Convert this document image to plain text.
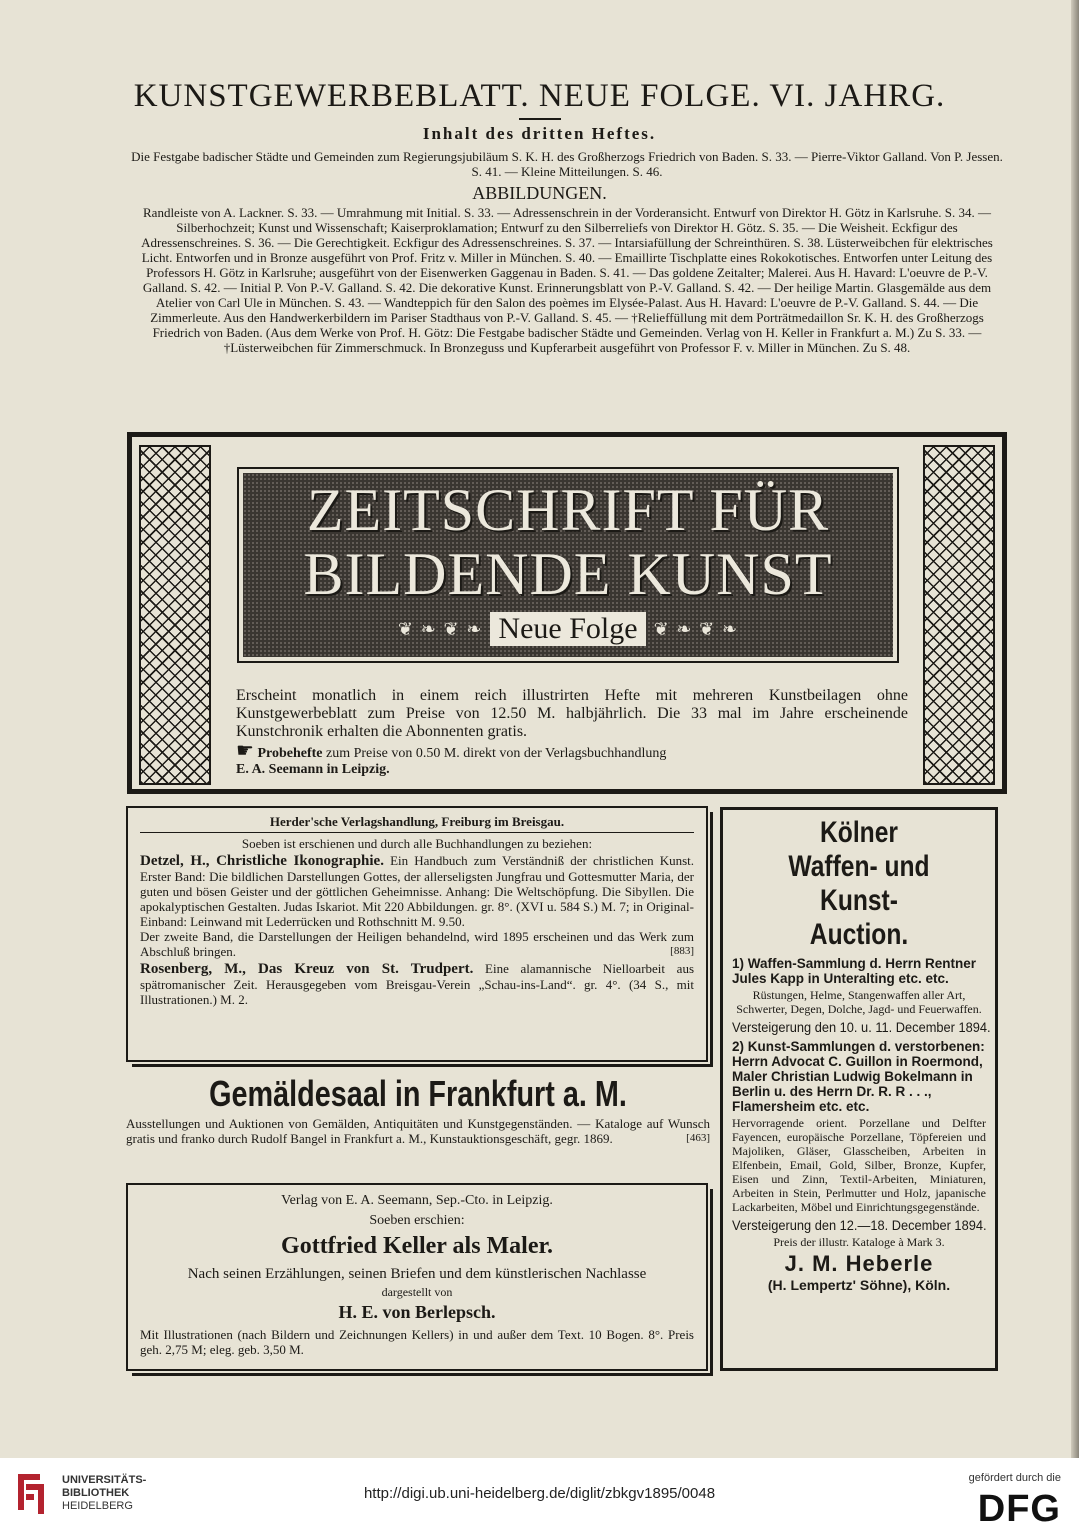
KUNSTGEWERBEBLATT. NEUE FOLGE. VI. JAHRG.
Inhalt des dritten Heftes.
Die Festgabe badischer Städte und Gemeinden zum Regierungsjubiläum S. K. H. des Großherzogs Friedrich von Baden. S. 33. — Pierre-Viktor Galland. Von P. Jessen. S. 41. — Kleine Mitteilungen. S. 46.
ABBILDUNGEN.
Randleiste von A. Lackner. S. 33. — Umrahmung mit Initial. S. 33. — Adressenschrein in der Vorderansicht. Entwurf von Direktor H. Götz in Karlsruhe. S. 34. — Silberhochzeit; Kunst und Wissenschaft; Kaiserproklamation; Entwurf zu den Silberreliefs von Direktor H. Götz. S. 35. — Die Weisheit. Eckfigur des Adressenschreines. S. 36. — Die Gerechtigkeit. Eckfigur des Adressenschreines. S. 37. — Intarsiafüllung der Schreinthüren. S. 38. Lüsterweibchen für elektrisches Licht. Entworfen und in Bronze ausgeführt von Prof. Fritz v. Miller in München. S. 40. — Emaillirte Tischplatte eines Rokokotisches. Entworfen unter Leitung des Professors H. Götz in Karlsruhe; ausgeführt von der Eisenwerken Gaggenau in Baden. S. 41. — Das goldene Zeitalter; Malerei. Aus H. Havard: L'oeuvre de P.-V. Galland. S. 42. — Initial P. Von P.-V. Galland. S. 42. Die dekorative Kunst. Erinnerungsblatt von P.-V. Galland. S. 42. — Der heilige Martin. Glasgemälde aus dem Atelier von Carl Ule in München. S. 43. — Wandteppich für den Salon des poèmes im Elysée-Palast. Aus H. Havard: L'oeuvre de P.-V. Galland. S. 44. — Die Zimmerleute. Aus den Handwerkerbildern im Pariser Stadthaus von P.-V. Galland. S. 45. — †Relieffüllung mit dem Porträtmedaillon Sr. K. H. des Großherzogs Friedrich von Baden. (Aus dem Werke von Prof. H. Götz: Die Festgabe badischer Städte und Gemeinden. Verlag von H. Keller in Frankfurt a. M.) Zu S. 33. — †Lüsterweibchen für Zimmerschmuck. In Bronzeguss und Kupferarbeit ausgeführt von Professor F. v. Miller in München. Zu S. 48.
ZEITSCHRIFT FÜR
BILDENDE KUNST
❦ ❧ ❦ ❧ Neue Folge ❦ ❧ ❦ ❧
Erscheint monatlich in einem reich illustrirten Hefte mit mehreren Kunstbeilagen ohne Kunstgewerbeblatt zum Preise von 12.50 M. halbjährlich. Die 33 mal im Jahre erscheinende Kunstchronik erhalten die Abonnenten gratis.
☛ Probehefte zum Preise von 0.50 M. direkt von der Verlagsbuchhandlung
E. A. Seemann in Leipzig.
Herder'sche Verlagshandlung, Freiburg im Breisgau.
Soeben ist erschienen und durch alle Buchhandlungen zu beziehen:
Detzel, H., Christliche Ikonographie. Ein Handbuch zum Verständniß der christlichen Kunst. Erster Band: Die bildlichen Darstellungen Gottes, der allerseligsten Jungfrau und Gottesmutter Maria, der guten und bösen Geister und der göttlichen Geheimnisse. Anhang: Die Weltschöpfung. Die Sibyllen. Die apokalyptischen Gestalten. Judas Iskariot. Mit 220 Abbildungen. gr. 8°. (XVI u. 584 S.) M. 7; in Original-Einband: Leinwand mit Lederrücken und Rothschnitt M. 9.50.
Der zweite Band, die Darstellungen der Heiligen behandelnd, wird 1895 erscheinen und das Werk zum Abschluß bringen.	[883]
Rosenberg, M., Das Kreuz von St. Trudpert. Eine alamannische Nielloarbeit aus spätromanischer Zeit. Herausgegeben vom Breisgau-Verein „Schau-ins-Land“. gr. 4°. (34 S., mit Illustrationen.) M. 2.
Gemäldesaal in Frankfurt a. M.
Ausstellungen und Auktionen von Gemälden, Antiquitäten und Kunstgegenständen. — Kataloge auf Wunsch gratis und franko durch Rudolf Bangel in Frankfurt a. M., Kunstauktionsgeschäft, gegr. 1869.	[463]
Verlag von E. A. Seemann, Sep.-Cto. in Leipzig.
Soeben erschien:
Gottfried Keller als Maler.
Nach seinen Erzählungen, seinen Briefen und dem künstlerischen Nachlasse
dargestellt von
H. E. von Berlepsch.
Mit Illustrationen (nach Bildern und Zeichnungen Kellers) in und außer dem Text. 10 Bogen. 8°. Preis geh. 2,75 M; eleg. geb. 3,50 M.
Kölner
Waffen- und Kunst-
Auction.
1) Waffen-Sammlung d. Herrn Rentner Jules Kapp in Unteralting etc. etc.
Rüstungen, Helme, Stangenwaffen aller Art, Schwerter, Degen, Dolche, Jagd- und Feuerwaffen.
Versteigerung den 10. u. 11. December 1894.
2) Kunst-Sammlungen d. verstorbenen: Herrn Advocat C. Guillon in Roermond, Maler Christian Ludwig Bokelmann in Berlin u. des Herrn Dr. R. R . . ., Flamersheim etc. etc.
Hervorragende orient. Porzellane und Delfter Fayencen, europäische Porzellane, Töpfereien und Majoliken, Gläser, Glasscheiben, Arbeiten in Elfenbein, Email, Gold, Silber, Bronze, Kupfer, Eisen und Zinn, Textil-Arbeiten, Miniaturen, Arbeiten in Stein, Perlmutter und Holz, japanische Lackarbeiten, Möbel und Einrichtungsgegenstände.
Versteigerung den 12.—18. December 1894.
Preis der illustr. Kataloge à Mark 3.
J. M. Heberle
(H. Lempertz' Söhne), Köln.
UNIVERSITÄTS-
BIBLIOTHEK
HEIDELBERG
http://digi.ub.uni-heidelberg.de/diglit/zbkgv1895/0048
gefördert durch die
DFG
